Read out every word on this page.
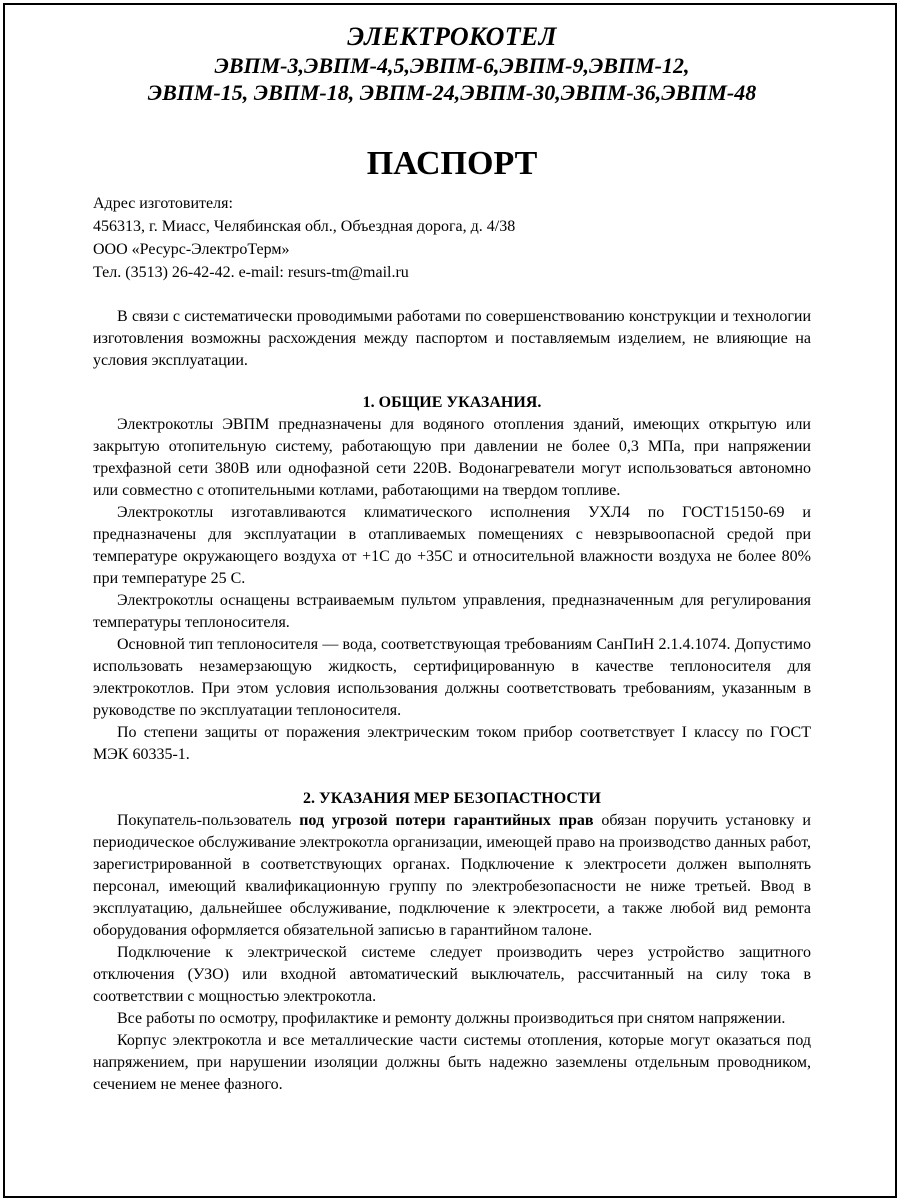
ЭЛЕКТРОКОТЕЛ

ЭВПМ-3,ЭВПМ-4,5,ЭВПМ-6,ЭВПМ-9,ЭВПМ-12,

ЭВПМ-15, ЭВПМ-18, ЭВПМ-24,ЭВПМ-30,ЭВПМ-36,ЭВПМ-48

ПАСПОРТ

Адрес изготовителя:

456313, г. Миасс, Челябинская обл., Объездная дорога, д. 4/38

ООО «Ресурс-ЭлектроТерм»

Тел. (3513) 26-42-42. e-mail: resurs-tm@mail.ru

В связи с систематически проводимыми работами по совершенствованию конструкции и технологии изготовления возможны расхождения между паспортом и поставляемым изделием, не влияющие на условия эксплуатации.

1. ОБЩИЕ УКАЗАНИЯ.

Электрокотлы ЭВПМ предназначены для водяного отопления зданий, имеющих открытую или закрытую отопительную систему, работающую при давлении не более 0,3 МПа, при напряжении трехфазной сети 380В или однофазной сети 220В. Водонагреватели могут использоваться автономно или совместно с отопительными котлами, работающими на твердом топливе.

Электрокотлы изготавливаются климатического исполнения УХЛ4 по ГОСТ15150-69 и предназначены для эксплуатации в отапливаемых помещениях с невзрывоопасной средой при температуре окружающего воздуха от +1С до +35С и относительной влажности воздуха не более 80% при температуре 25 С.

Электрокотлы оснащены встраиваемым пультом управления, предназначенным для регулирования температуры теплоносителя.

Основной тип теплоносителя — вода, соответствующая требованиям СанПиН 2.1.4.1074. Допустимо использовать незамерзающую жидкость, сертифицированную в качестве теплоносителя для электрокотлов. При этом условия использования должны соответствовать требованиям, указанным в руководстве по эксплуатации теплоносителя.

По степени защиты от поражения электрическим током прибор соответствует I классу по ГОСТ МЭК 60335-1.

2. УКАЗАНИЯ МЕР БЕЗОПАСТНОСТИ

Покупатель-пользователь под угрозой потери гарантийных прав обязан поручить установку и периодическое обслуживание электрокотла организации, имеющей право на производство данных работ, зарегистрированной в соответствующих органах. Подключение к электросети должен выполнять персонал, имеющий квалификационную группу по электробезопасности не ниже третьей. Ввод в эксплуатацию, дальнейшее обслуживание, подключение к электросети, а также любой вид ремонта оборудования оформляется обязательной записью в гарантийном талоне.

Подключение к электрической системе следует производить через устройство защитного отключения (УЗО) или входной автоматический выключатель, рассчитанный на силу тока в соответствии с мощностью электрокотла.

Все работы по осмотру, профилактике и ремонту должны производиться при снятом напряжении.

Корпус электрокотла и все металлические части системы отопления, которые могут оказаться под напряжением, при нарушении изоляции должны быть надежно заземлены отдельным проводником, сечением не менее фазного.
